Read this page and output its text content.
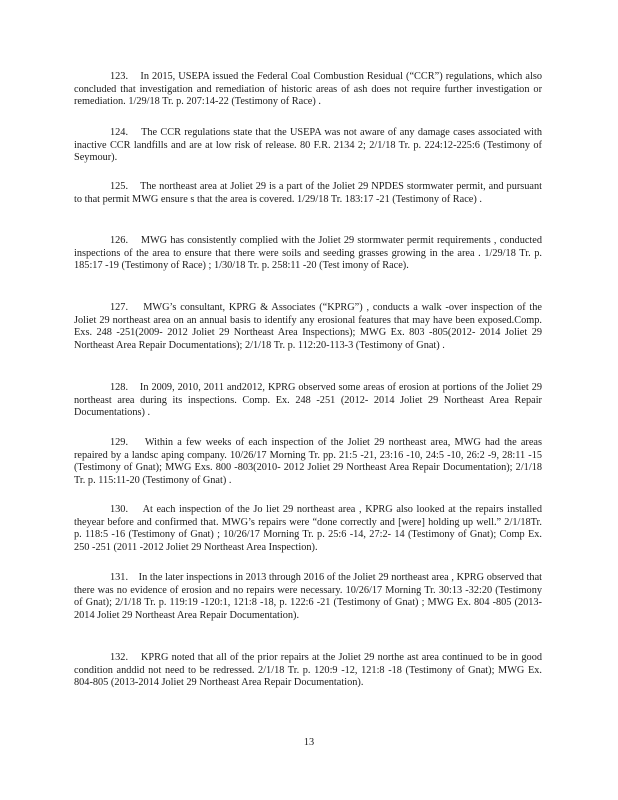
123. In 2015, USEPA issued the Federal Coal Combustion Residual (“CCR”) regulations, which also concluded that investigation and remediation of historic areas of ash does not require further investigation or remediation. 1/29/18 Tr. p. 207:14-22 (Testimony of Race) .

124. The CCR regulations state that the USEPA was not aware of any damage cases associated with inactive CCR landfills and are at low risk of release. 80 F.R. 2134 2; 2/1/18 Tr. p. 224:12-225:6 (Testimony of Seymour).

125. The northeast area at Joliet 29 is a part of the Joliet 29 NPDES stormwater permit, and pursuant to that permit MWG ensure s that the area is covered. 1/29/18 Tr. 183:17 -21 (Testimony of Race) .

126. MWG has consistently complied with the Joliet 29 stormwater permit requirements , conducted inspections of the area to ensure that there were soils and seeding grasses growing in the area . 1/29/18 Tr. p. 185:17 -19 (Testimony of Race) ; 1/30/18 Tr. p. 258:11 -20 (Test imony of Race).

127. MWG’s consultant, KPRG & Associates (“KPRG”) , conducts a walk -over inspection of the Joliet 29 northeast area on an annual basis to identify any erosional features that may have been exposed.Comp. Exs. 248 -251(2009- 2012 Joliet 29 Northeast Area Inspections); MWG Ex. 803 -805(2012- 2014 Joliet 29 Northeast Area Repair Documentations); 2/1/18 Tr. p. 112:20-113-3 (Testimony of Gnat) .

128. In 2009, 2010, 2011 and2012, KPRG observed some areas of erosion at portions of the Joliet 29 northeast area during its inspections. Comp. Ex. 248 -251 (2012- 2014 Joliet 29 Northeast Area Repair Documentations) .

129. Within a few weeks of each inspection of the Joliet 29 northeast area, MWG had the areas repaired by a landsc aping company. 10/26/17 Morning Tr. pp. 21:5 -21, 23:16 -10, 24:5 -10, 26:2 -9, 28:11 -15 (Testimony of Gnat); MWG Exs. 800 -803(2010- 2012 Joliet 29 Northeast Area Repair Documentation); 2/1/18 Tr. p. 115:11-20 (Testimony of Gnat) .

130. At each inspection of the Jo liet 29 northeast area , KPRG also looked at the repairs installed theyear before and confirmed that. MWG’s repairs were “done correctly and [were] holding up well.” 2/1/18Tr. p. 118:5 -16 (Testimony of Gnat) ; 10/26/17 Morning Tr. p. 25:6 -14, 27:2- 14 (Testimony of Gnat); Comp Ex. 250 -251 (2011 -2012 Joliet 29 Northeast Area Inspection).

131. In the later inspections in 2013 through 2016 of the Joliet 29 northeast area , KPRG observed that there was no evidence of erosion and no repairs were necessary. 10/26/17 Morning Tr. 30:13 -32:20 (Testimony of Gnat); 2/1/18 Tr. p. 119:19 -120:1, 121:8 -18, p. 122:6 -21 (Testimony of Gnat) ; MWG Ex. 804 -805 (2013- 2014 Joliet 29 Northeast Area Repair Documentation).

132. KPRG noted that all of the prior repairs at the Joliet 29 northe ast area continued to be in good condition anddid not need to be redressed. 2/1/18 Tr. p. 120:9 -12, 121:8 -18 (Testimony of Gnat); MWG Ex. 804-805 (2013-2014 Joliet 29 Northeast Area Repair Documentation).

13
